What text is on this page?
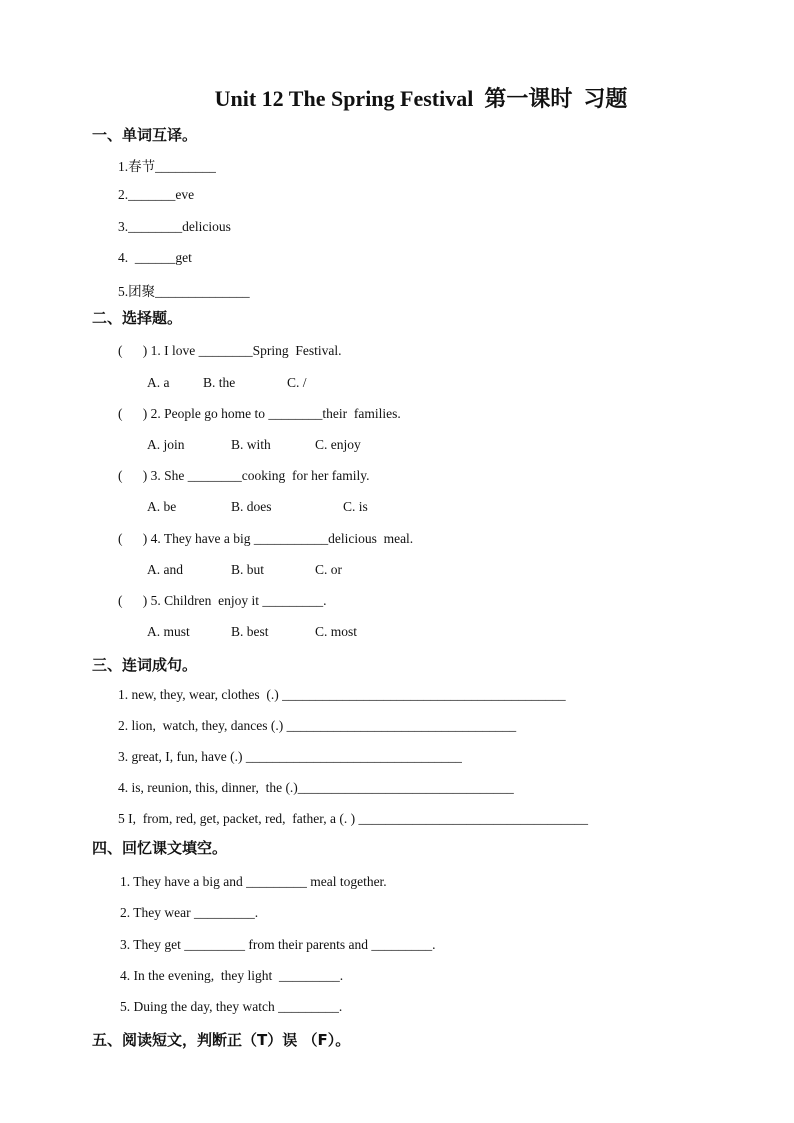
Unit 12 The Spring Festival  第一课时  习题
一、单词互译。
1.春节_________
2._______eve
3.________delicious
4.  ______get
5.团聚______________
二、选择题。
(      ) 1. I love ________Spring  Festival.
A. a B. the	C. /
(      ) 2. People go home to ________their  families.
A. join	B. with	C. enjoy
(      ) 3. She ________cooking  for her family.
A. be	B. does	C. is
(      ) 4. They have a big ___________delicious  meal.
A. and	B. but	C. or
(      ) 5. Children  enjoy it _________.
A. must	B. best	C. most
三、连词成句。
1. new, they, wear, clothes  (.) __________________________________________
2. lion,  watch, they, dances (.) __________________________________
3. great, I, fun, have (.) ________________________________
4. is, reunion, this, dinner,  the (.)________________________________
5 I,  from, red, get, packet, red,  father, a (. ) __________________________________
四、回忆课文填空。
1. They have a big and _________ meal together.
2. They wear _________.
3. They get _________ from their parents and _________.
4. In the evening,  they light  _________.
5. Duing the day, they watch _________.
五、阅读短文，判断正（T）误 （F）。
